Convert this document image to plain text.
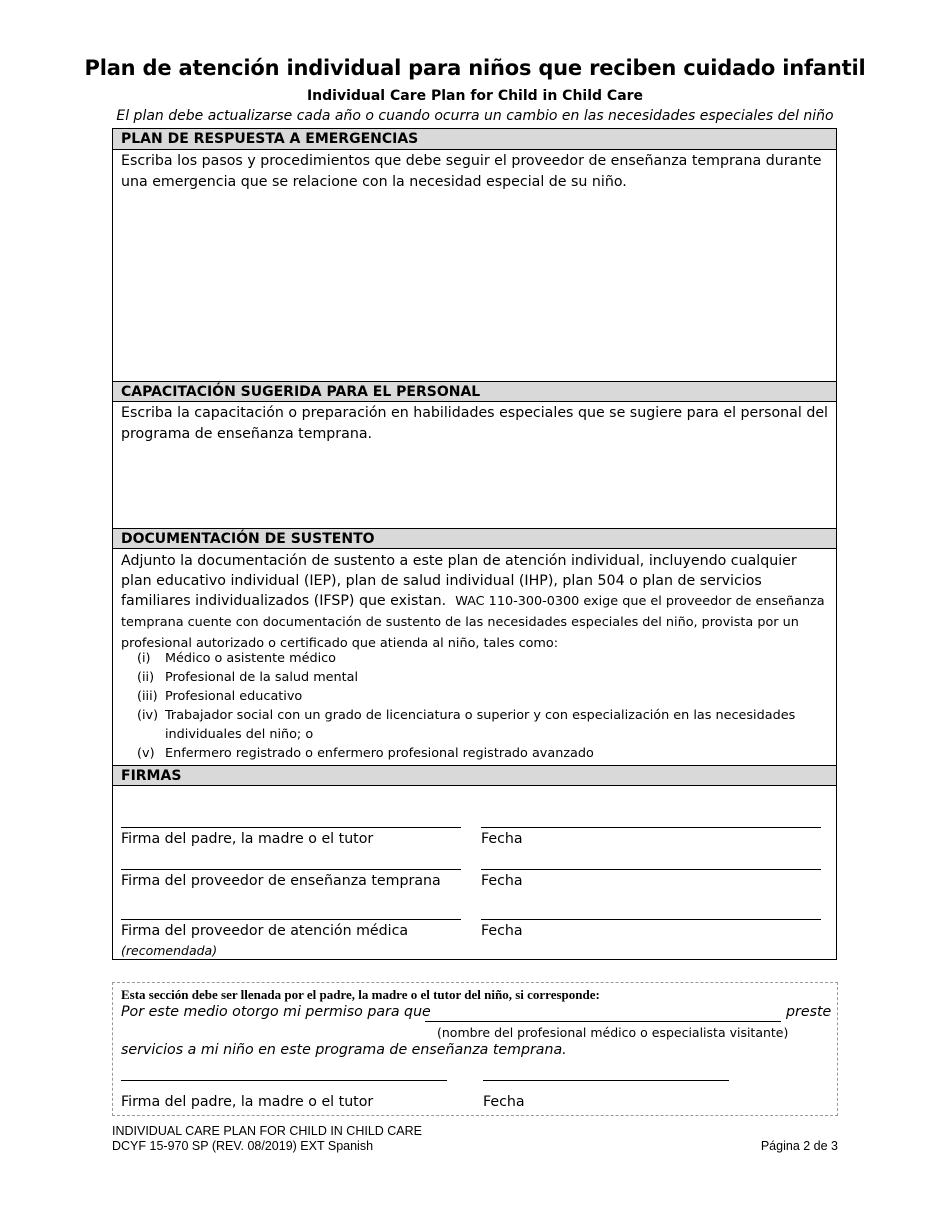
Plan de atención individual para niños que reciben cuidado infantil
Individual Care Plan for Child in Child Care
El plan debe actualizarse cada año o cuando ocurra un cambio en las necesidades especiales del niño
PLAN DE RESPUESTA A EMERGENCIAS
Escriba los pasos y procedimientos que debe seguir el proveedor de enseñanza temprana durante una emergencia que se relacione con la necesidad especial de su niño.
CAPACITACIÓN SUGERIDA PARA EL PERSONAL
Escriba la capacitación o preparación en habilidades especiales que se sugiere para el personal del programa de enseñanza temprana.
DOCUMENTACIÓN DE SUSTENTO
Adjunto la documentación de sustento a este plan de atención individual, incluyendo cualquier plan educativo individual (IEP), plan de salud individual (IHP), plan 504 o plan de servicios familiares individualizados (IFSP) que existan. WAC 110-300-0300 exige que el proveedor de enseñanza temprana cuente con documentación de sustento de las necesidades especiales del niño, provista por un profesional autorizado o certificado que atienda al niño, tales como:
(i)	Médico o asistente médico
(ii) Profesional de la salud mental
(iii) Profesional educativo
(iv) Trabajador social con un grado de licenciatura o superior y con especialización en las necesidades individuales del niño; o
(v) Enfermero registrado o enfermero profesional registrado avanzado
FIRMAS
Firma del padre, la madre o el tutor	Fecha
Firma del proveedor de enseñanza temprana	Fecha
Firma del proveedor de atención médica	Fecha
(recomendada)
Esta sección debe ser llenada por el padre, la madre o el tutor del niño, si corresponde:
Por este medio otorgo mi permiso para que	preste
(nombre del profesional médico o especialista visitante)
servicios a mi niño en este programa de enseñanza temprana.
Firma del padre, la madre o el tutor	Fecha
INDIVIDUAL CARE PLAN FOR CHILD IN CHILD CARE
DCYF 15-970 SP (REV. 08/2019) EXT Spanish	Página 2 de 3
